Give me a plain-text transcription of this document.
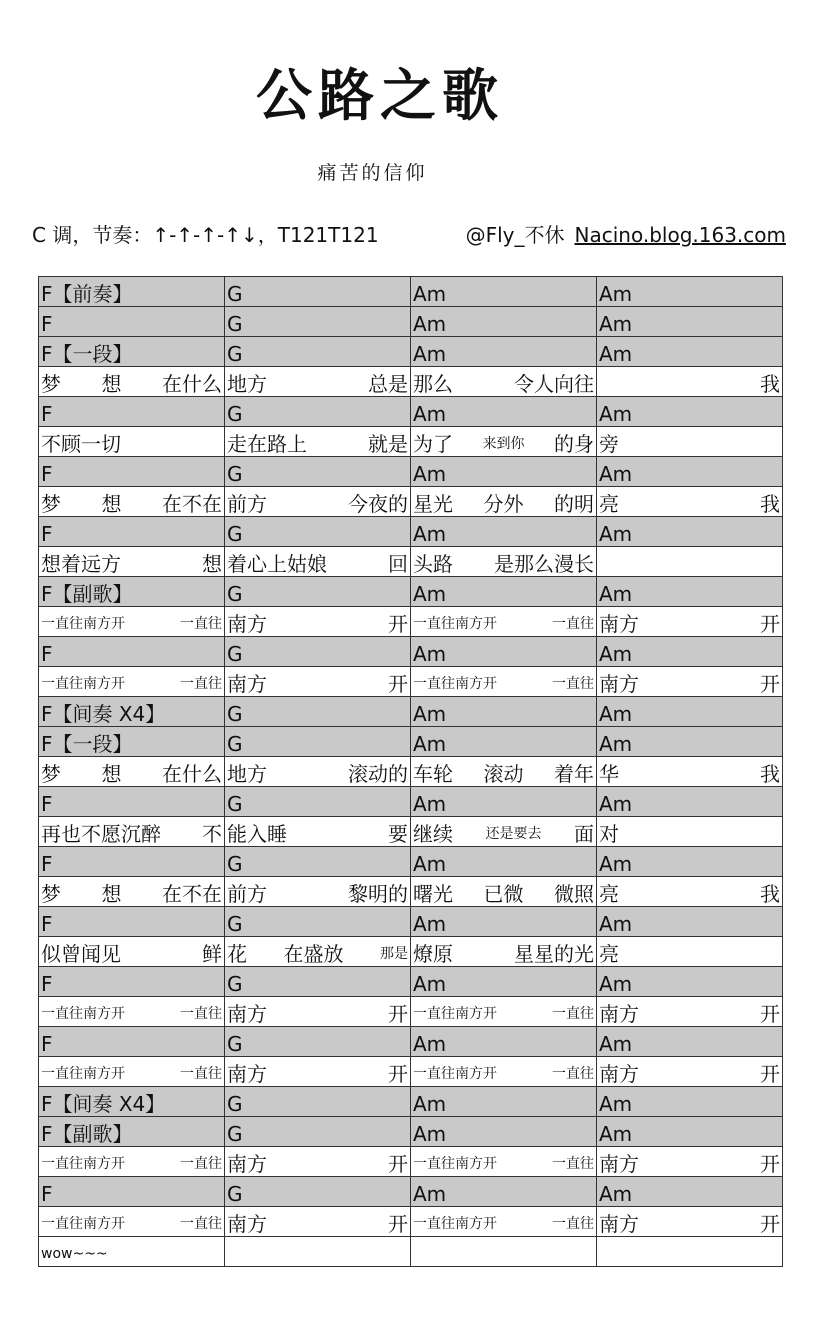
公路之歌
痛苦的信仰
C 调，节奏：↑-↑-↑-↑↓，T121T121	@Fly_不休 Nacino.blog.163.com
F【前奏】	G	Am	Am

F	G	Am	Am

F【一段】	G	Am	Am

梦 想 在什么	地方 总是	那么 令人向往	我

F	G	Am	Am

不顾一切	走在路上 就是	为了 来到你 的身	旁

F	G	Am	Am

梦 想 在不在	前方 今夜的	星光 分外 的明	亮 我

F	G	Am	Am

想着远方 想	着心上姑娘 回	头路 是那么漫长	

F【副歌】	G	Am	Am

一直往南方开 一直往	南方 开	一直往南方开 一直往	南方 开

F	G	Am	Am

一直往南方开 一直往	南方 开	一直往南方开 一直往	南方 开

F【间奏 X4】	G	Am	Am

F【一段】	G	Am	Am

梦 想 在什么	地方 滚动的	车轮 滚动 着年	华 我

F	G	Am	Am

再也不愿沉醉 不	能入睡 要	继续 还是要去 面	对

F	G	Am	Am

梦 想 在不在	前方 黎明的	曙光 已微 微照	亮 我

F	G	Am	Am

似曾闻见 鲜	花 在盛放 那是	燎原 星星的光	亮

F	G	Am	Am

一直往南方开 一直往	南方 开	一直往南方开 一直往	南方 开

F	G	Am	Am

一直往南方开 一直往	南方 开	一直往南方开 一直往	南方 开

F【间奏 X4】	G	Am	Am

F【副歌】	G	Am	Am

一直往南方开 一直往	南方 开	一直往南方开 一直往	南方 开

F	G	Am	Am

一直往南方开 一直往	南方 开	一直往南方开 一直往	南方 开

wow~~~			
